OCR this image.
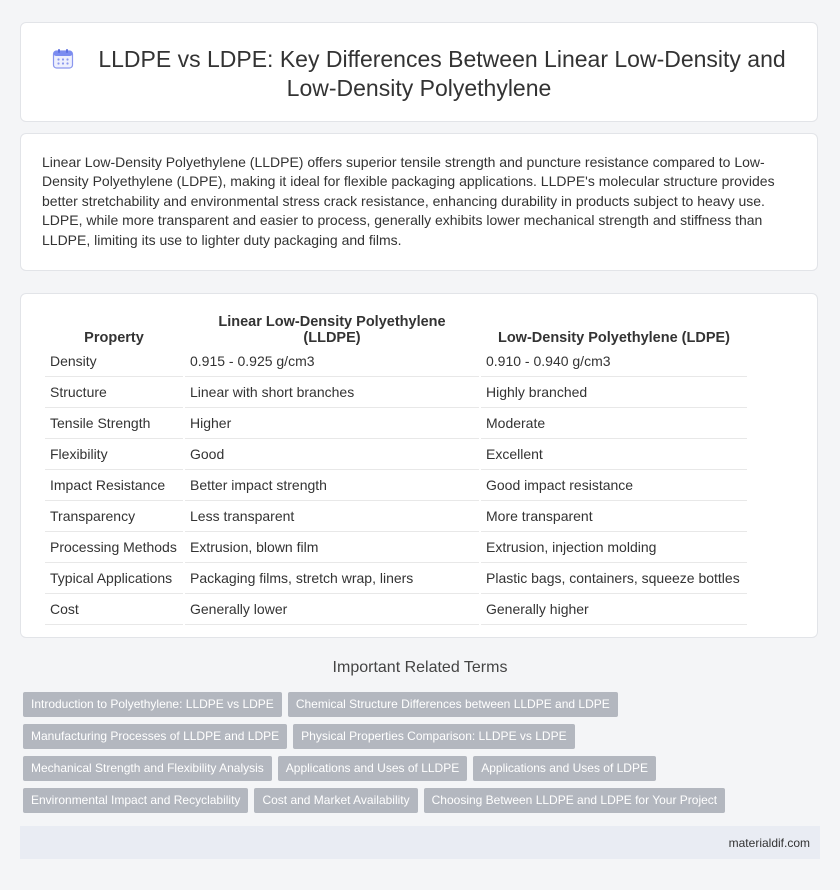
LLDPE vs LDPE: Key Differences Between Linear Low-Density and
Low-Density Polyethylene

Linear Low-Density Polyethylene (LLDPE) offers superior tensile strength and puncture resistance compared to Low-Density Polyethylene (LDPE), making it ideal for flexible packaging applications. LLDPE's molecular structure provides better stretchability and environmental stress crack resistance, enhancing durability in products subject to heavy use. LDPE, while more transparent and easier to process, generally exhibits lower mechanical strength and stiffness than LLDPE, limiting its use to lighter duty packaging and films.

Property	Linear Low-Density Polyethylene (LLDPE)	Low-Density Polyethylene (LDPE)
Density	0.915 - 0.925 g/cm3	0.910 - 0.940 g/cm3
Structure	Linear with short branches	Highly branched
Tensile Strength	Higher	Moderate
Flexibility	Good	Excellent
Impact Resistance	Better impact strength	Good impact resistance
Transparency	Less transparent	More transparent
Processing Methods	Extrusion, blown film	Extrusion, injection molding
Typical Applications	Packaging films, stretch wrap, liners	Plastic bags, containers, squeeze bottles
Cost	Generally lower	Generally higher
Important Related Terms
Introduction to Polyethylene: LLDPE vs LDPE Chemical Structure Differences between LLDPE and LDPE
Manufacturing Processes of LLDPE and LDPE Physical Properties Comparison: LLDPE vs LDPE
Mechanical Strength and Flexibility Analysis Applications and Uses of LLDPE Applications and Uses of LDPE
Environmental Impact and Recyclability Cost and Market Availability Choosing Between LLDPE and LDPE for Your Project
materialdif.com
